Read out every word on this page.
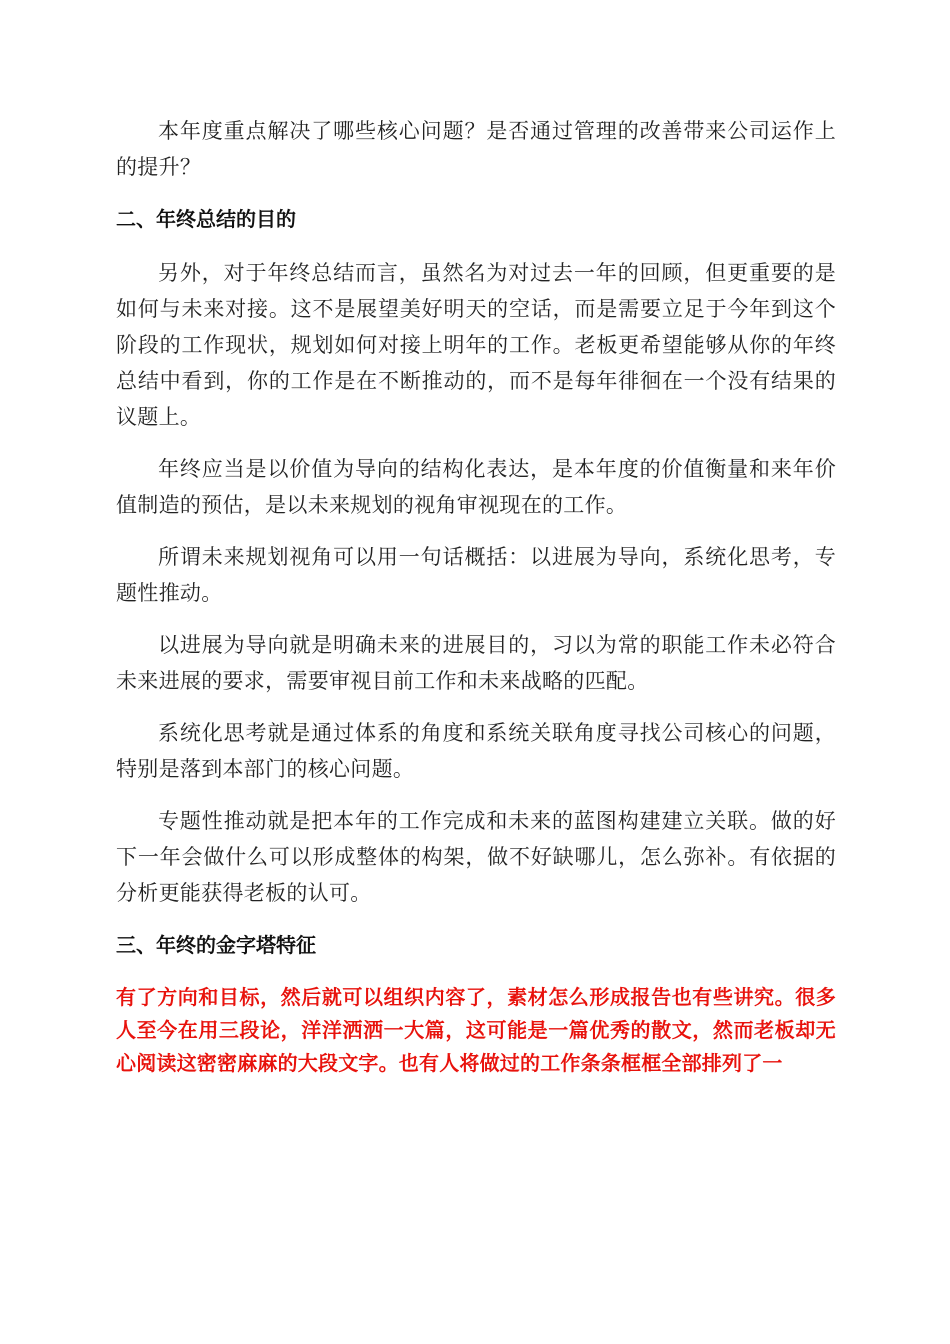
本年度重点解决了哪些核心问题？是否通过管理的改善带来公司运作上的提升？

二、年终总结的目的

另外，对于年终总结而言，虽然名为对过去一年的回顾，但更重要的是如何与未来对接。这不是展望美好明天的空话，而是需要立足于今年到这个阶段的工作现状，规划如何对接上明年的工作。老板更希望能够从你的年终总结中看到，你的工作是在不断推动的，而不是每年徘徊在一个没有结果的议题上。

年终应当是以价值为导向的结构化表达，是本年度的价值衡量和来年价值制造的预估，是以未来规划的视角审视现在的工作。

所谓未来规划视角可以用一句话概括：以进展为导向，系统化思考，专题性推动。

以进展为导向就是明确未来的进展目的，习以为常的职能工作未必符合未来进展的要求，需要审视目前工作和未来战略的匹配。

系统化思考就是通过体系的角度和系统关联角度寻找公司核心的问题，特别是落到本部门的核心问题。

专题性推动就是把本年的工作完成和未来的蓝图构建建立关联。做的好下一年会做什么可以形成整体的构架，做不好缺哪儿，怎么弥补。有依据的分析更能获得老板的认可。

三、年终的金字塔特征

有了方向和目标，然后就可以组织内容了，素材怎么形成报告也有些讲究。很多人至今在用三段论，洋洋洒洒一大篇，这可能是一篇优秀的散文，然而老板却无心阅读这密密麻麻的大段文字。也有人将做过的工作条条框框全部排列了一
